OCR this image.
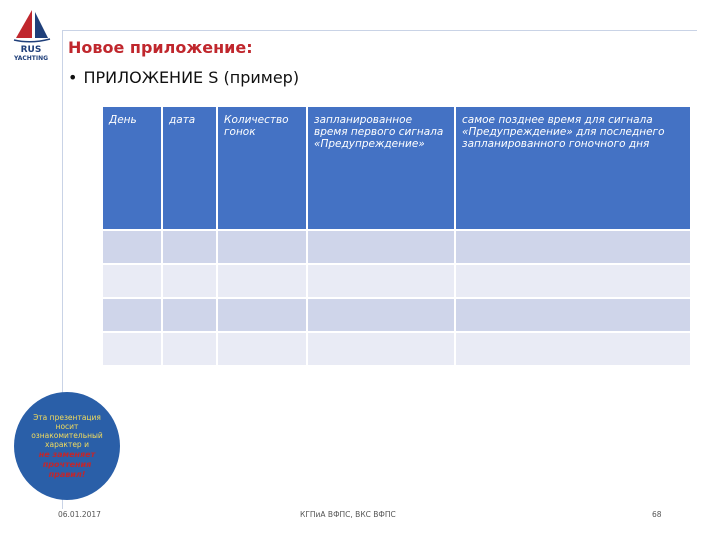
RUS
YACHTING
Новое приложение:
• ПРИЛОЖЕНИЕ S (пример)
День	дата	Количество гонок	запланированное время первого сигнала «Предупреждение»	самое позднее время для сигнала «Предупреждение» для последнего запланированного гоночного дня

Эта презентация носит ознакомительный характер и
не заменяет прочтения правил!
06.01.2017	КГПиА ВФПС, ВКС ВФПС	68
